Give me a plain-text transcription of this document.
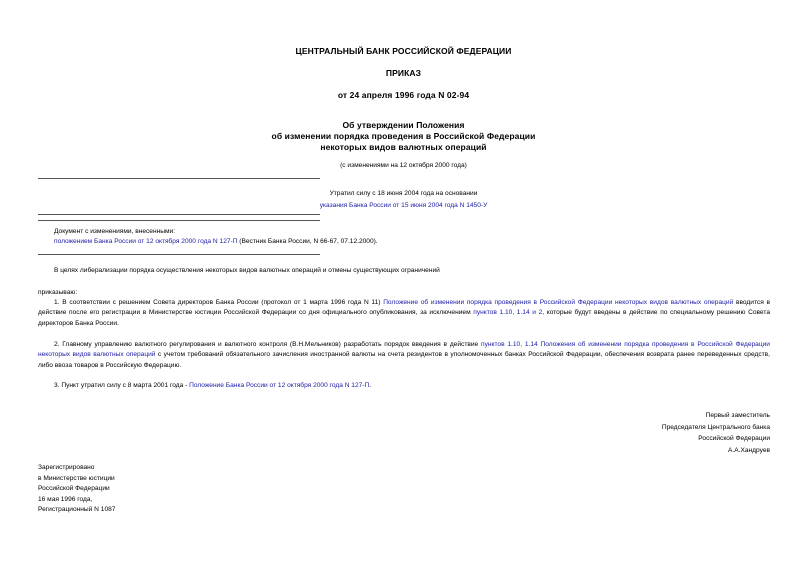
ЦЕНТРАЛЬНЫЙ БАНК РОССИЙСКОЙ ФЕДЕРАЦИИ
ПРИКАЗ
от 24 апреля 1996 года N 02-94
Об утверждении Положения
об изменении порядка проведения в Российской Федерации
некоторых видов валютных операций
(с изменениями на 12 октября 2000 года)
Утратил силу с 18 июня 2004 года на основании
указания Банка России от 15 июня 2004 года N 1450-У
Документ с изменениями, внесенными:
положением Банка России от 12 октября 2000 года N 127-П (Вестник Банка России, N 66-67, 07.12.2000).
В целях либерализации порядка осуществления некоторых видов валютных операций и отмены существующих ограничений
приказываю:
1. В соответствии с решением Совета директоров Банка России (протокол от 1 марта 1996 года N 11) Положение об изменении порядка проведения в Российской Федерации некоторых видов валютных операций вводится в действие после его регистрации в Министерстве юстиции Российской Федерации со дня официального опубликования, за исключением пунктов 1.10, 1.14 и 2, которые будут введены в действие по специальному решению Совета директоров Банка России.
2. Главному управлению валютного регулирования и валютного контроля (В.Н.Мельников) разработать порядок введения в действие пунктов 1.10, 1.14 Положения об изменении порядка проведения в Российской Федерации некоторых видов валютных операций с учетом требований обязательного зачисления иностранной валюты на счета резидентов в уполномоченных банках Российской Федерации, обеспечения возврата ранее переведенных средств, либо ввоза товаров в Российскую Федерацию.
3. Пункт утратил силу с 8 марта 2001 года - Положение Банка России от 12 октября 2000 года N 127-П.
Первый заместитель
Председателя Центрального банка
Российской Федерации
А.А.Хандруев
Зарегистрировано
в Министерстве юстиции
Российской Федерации
16 мая 1996 года,
Регистрационный N 1087
